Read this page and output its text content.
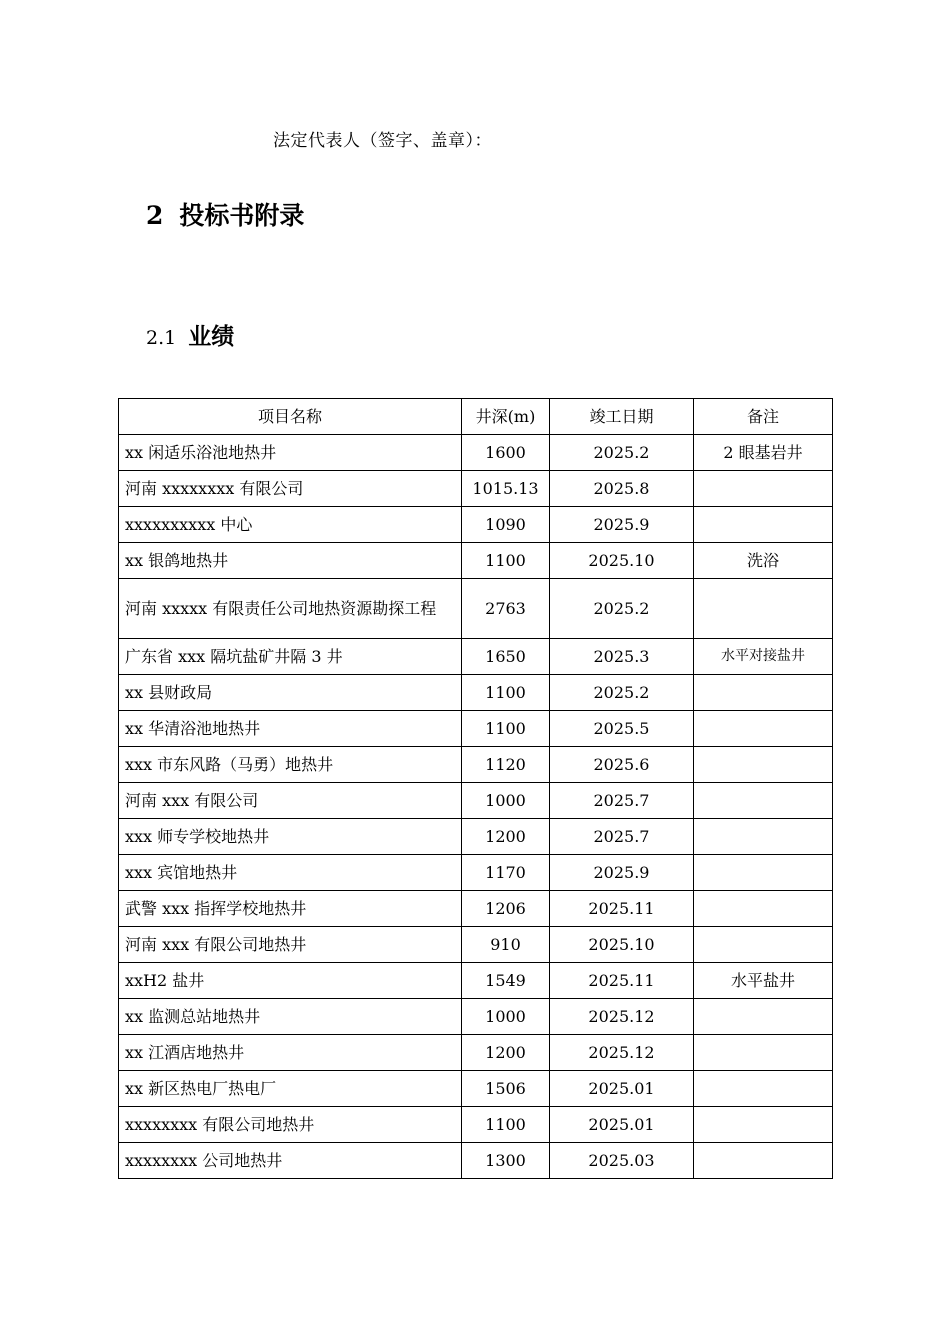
法定代表人（签字、盖章）：
2 投标书附录
2.1 业绩
项目名称	井深(m)	竣工日期	备注
xx 闲适乐浴池地热井	1600	2025.2	2 眼基岩井
河南 xxxxxxxx 有限公司	1015.13	2025.8	
xxxxxxxxxx 中心	1090	2025.9	
xx 银鸽地热井	1100	2025.10	洗浴
河南 xxxxx 有限责任公司地热资源勘探工程	2763	2025.2	
广东省 xxx 隔坑盐矿井隔 3 井	1650	2025.3	水平对接盐井
xx 县财政局	1100	2025.2	
xx 华清浴池地热井	1100	2025.5	
xxx 市东风路（马勇）地热井	1120	2025.6	
河南 xxx 有限公司	1000	2025.7	
xxx 师专学校地热井	1200	2025.7	
xxx 宾馆地热井	1170	2025.9	
武警 xxx 指挥学校地热井	1206	2025.11	
河南 xxx 有限公司地热井	910	2025.10	
xxH2 盐井	1549	2025.11	水平盐井
xx 监测总站地热井	1000	2025.12	
xx 江酒店地热井	1200	2025.12	
xx 新区热电厂热电厂	1506	2025.01	
xxxxxxxx 有限公司地热井	1100	2025.01	
xxxxxxxx 公司地热井	1300	2025.03	
